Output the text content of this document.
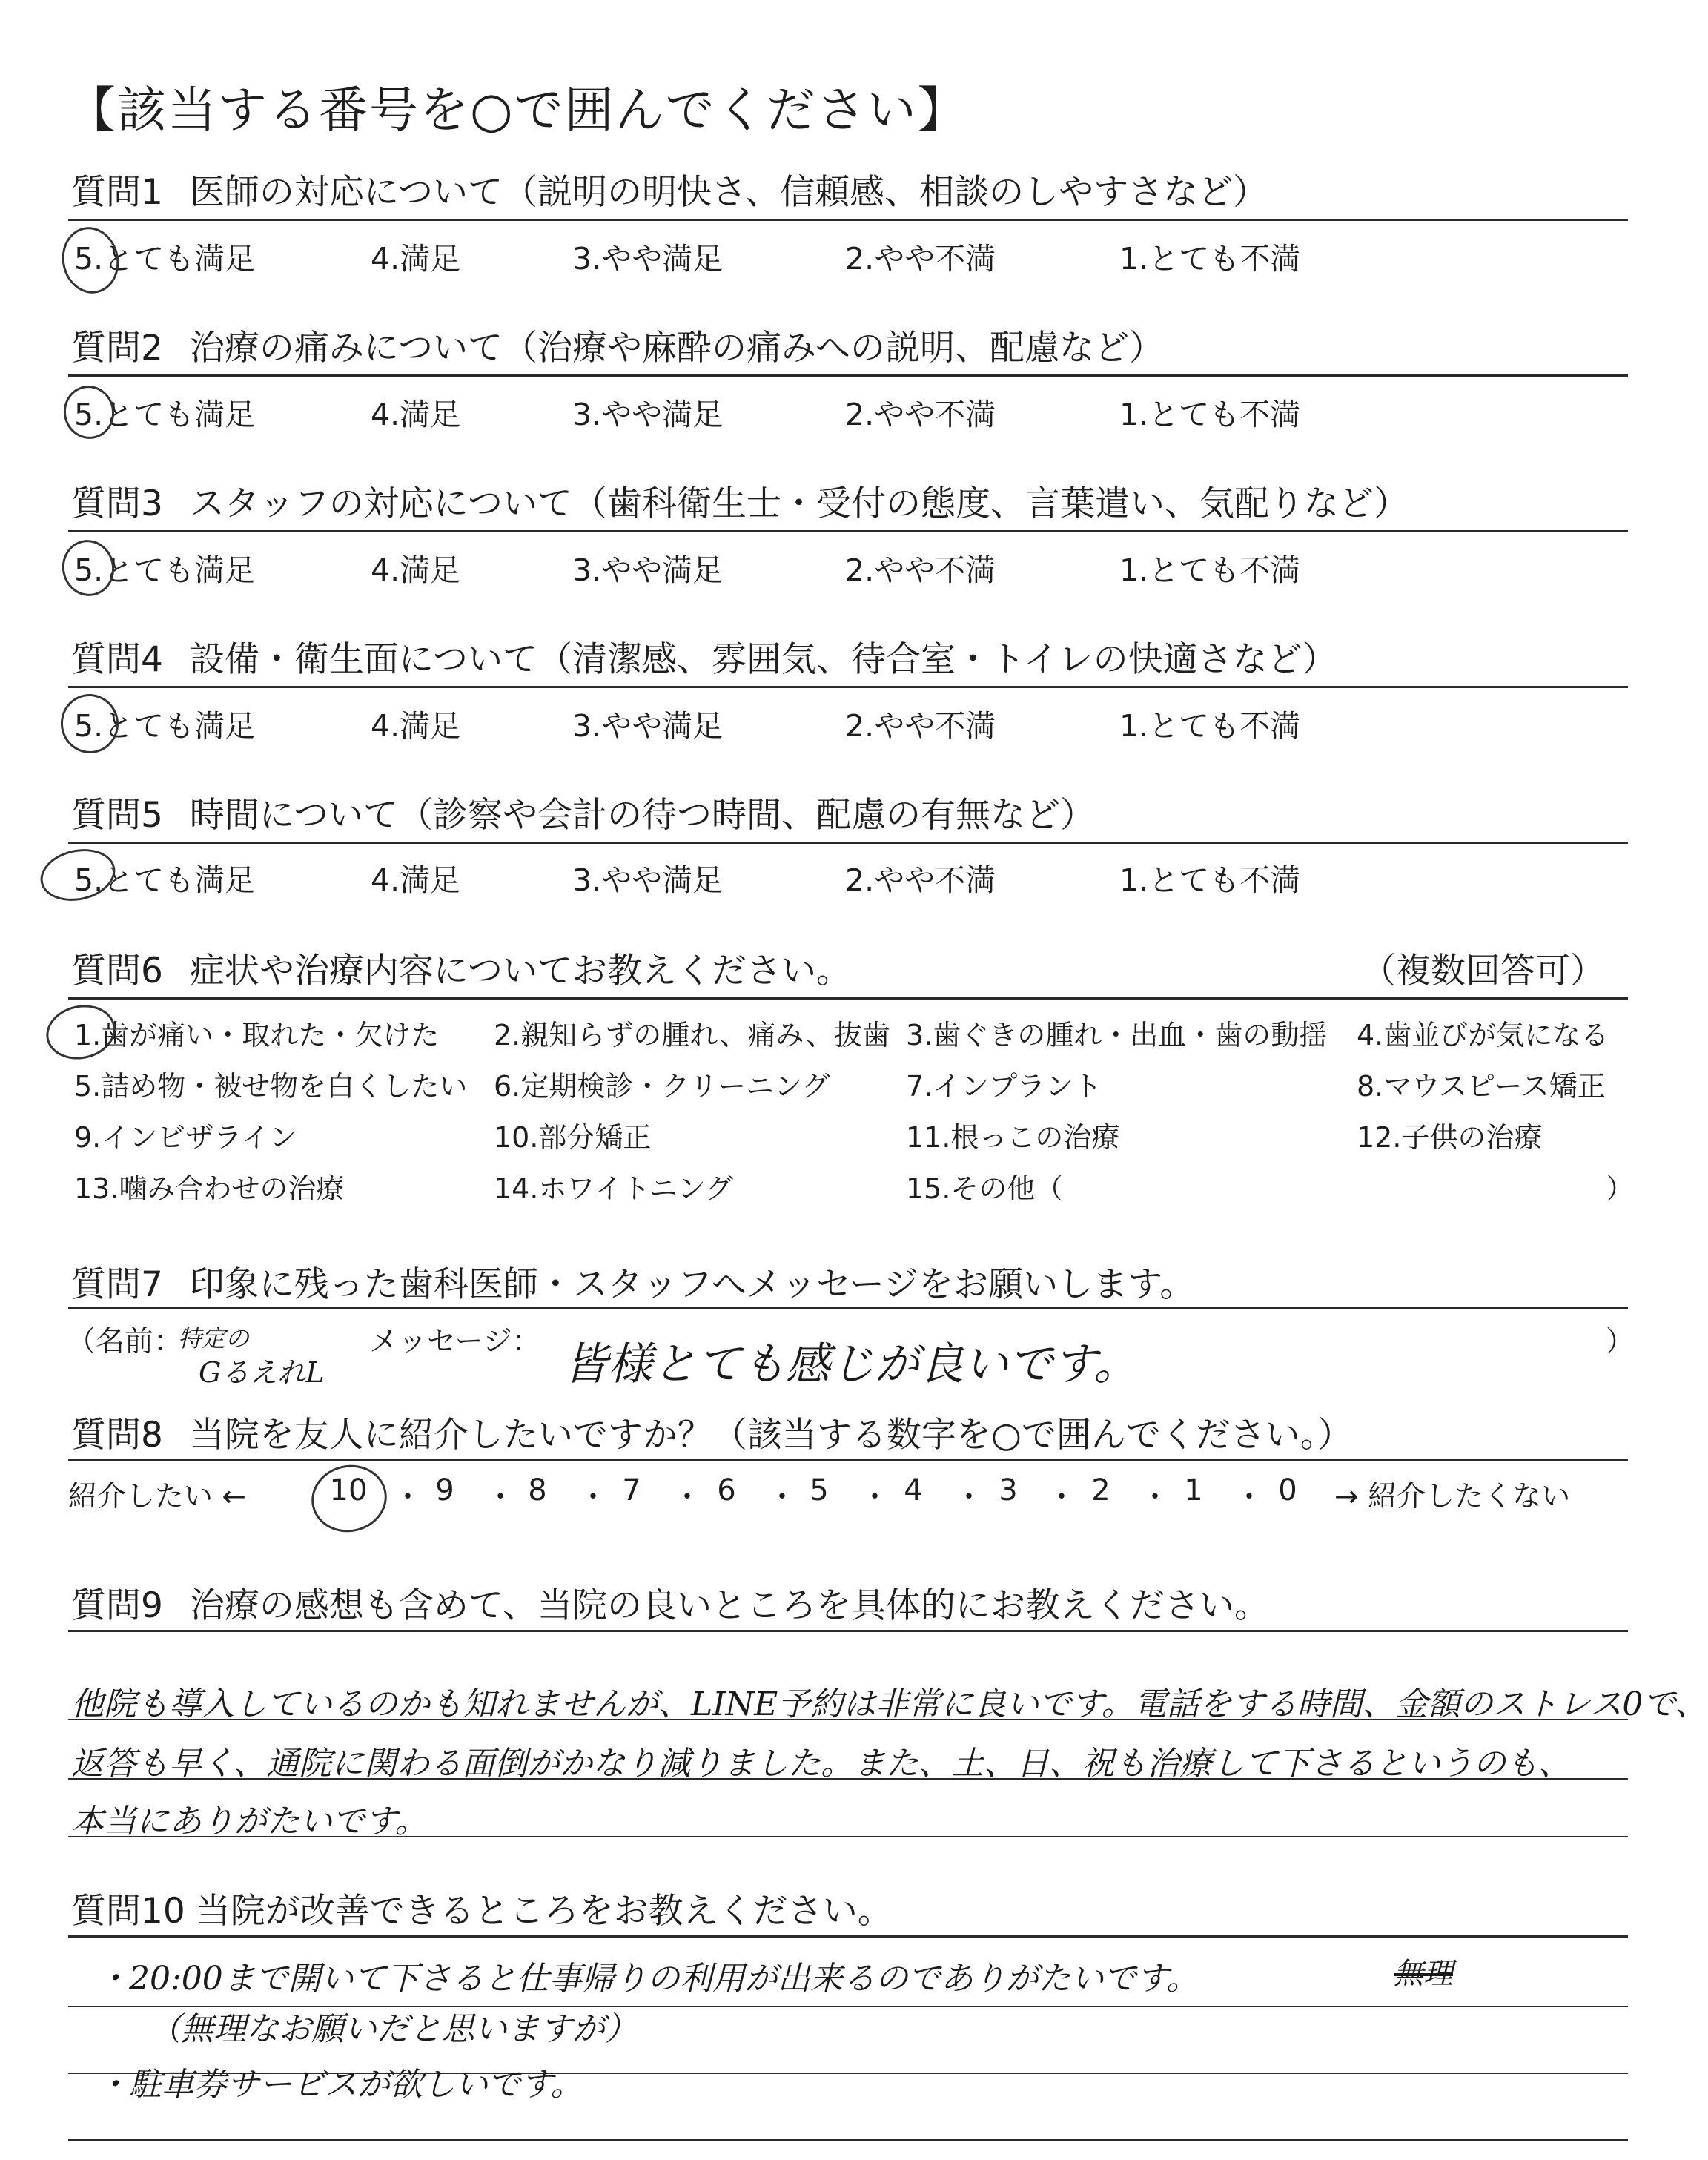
【該当する番号を○で囲んでください】
質問1 医師の対応について（説明の明快さ、信頼感、相談のしやすさなど）
5.とても満足	4.満足	3.やや満足	2.やや不満	1.とても不満
質問2 治療の痛みについて（治療や麻酔の痛みへの説明、配慮など）
5.とても満足	4.満足	3.やや満足	2.やや不満	1.とても不満
質問3 スタッフの対応について（歯科衛生士・受付の態度、言葉遣い、気配りなど）
5.とても満足	4.満足	3.やや満足	2.やや不満	1.とても不満
質問4 設備・衛生面について（清潔感、雰囲気、待合室・トイレの快適さなど）
5.とても満足	4.満足	3.やや満足	2.やや不満	1.とても不満
質問5 時間について（診察や会計の待つ時間、配慮の有無など）
5.とても満足	4.満足	3.やや満足	2.やや不満	1.とても不満
質問6 症状や治療内容についてお教えください。	（複数回答可）
1.歯が痛い・取れた・欠けた 2.親知らずの腫れ、痛み、抜歯 3.歯ぐきの腫れ・出血・歯の動揺 4.歯並びが気になる
5.詰め物・被せ物を白くしたい 6.定期検診・クリーニング	7.インプラント	8.マウスピース矯正
9.インビザライン	10.部分矯正	11.根っこの治療	12.子供の治療
13.噛み合わせの治療	14.ホワイトニング	15.その他（	）
質問7 印象に残った歯科医師・スタッフへメッセージをお願いします。
（名前：
特定の
GるえれL
メッセージ： 皆様とても感じが良いです。	）
質問8 当院を友人に紹介したいですか？（該当する数字を○で囲んでください。）
紹介したい ←	10 ・ 9	・ 8	・ 7	・ 6	・ 5	・ 4	・ 3 ・ 2	・ 1	・ 0	→ 紹介したくない
質問9 治療の感想も含めて、当院の良いところを具体的にお教えください。
他院も導入しているのかも知れませんが、LINE予約は非常に良いです。電話をする時間、金額のストレス0で、
返答も早く、通院に関わる面倒がかなり減りました。また、土、日、祝も治療して下さるというのも、
本当にありがたいです。
質問10 当院が改善できるところをお教えください。
・20:00まで開いて下さると仕事帰りの利用が出来るのでありがたいです。	無理
（無理なお願いだと思いますが）
・駐車券サービスが欲しいです。
